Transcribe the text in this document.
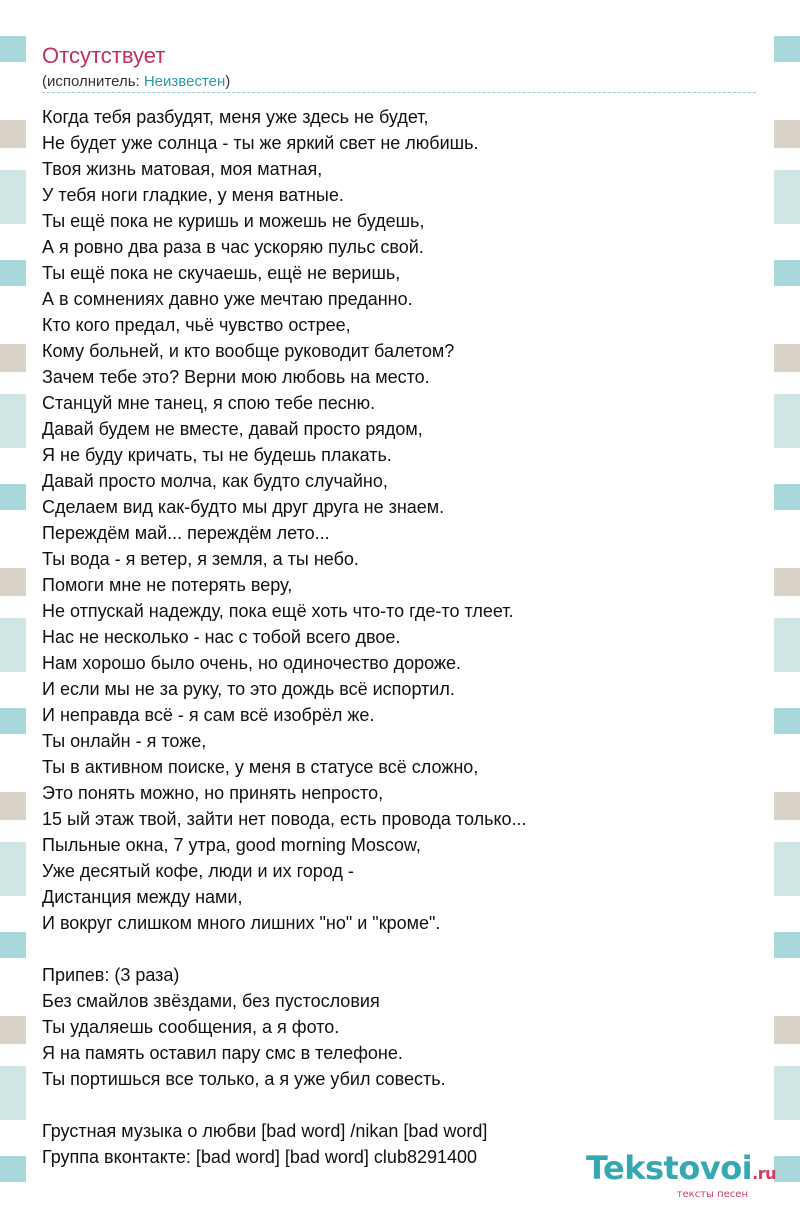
Отсутствует
(исполнитель: Неизвестен)
Когда тебя разбудят, меня уже здесь не будет,
Не будет уже солнца - ты же яркий свет не любишь.
Твоя жизнь матовая, моя матная,
У тебя ноги гладкие, у меня ватные.
Ты ещё пока не куришь и можешь не будешь,
А я ровно два раза в час ускоряю пульс свой.
Ты ещё пока не скучаешь, ещё не веришь,
А в сомнениях давно уже мечтаю преданно.
Кто кого предал, чьё чувство острее,
Кому больней, и кто вообще руководит балетом?
Зачем тебе это? Верни мою любовь на место.
Станцуй мне танец, я спою тебе песню.
Давай будем не вместе, давай просто рядом,
Я не буду кричать, ты не будешь плакать.
Давай просто молча, как будто случайно,
Сделаем вид как-будто мы друг друга не знаем.
Переждём май... переждём лето...
Ты вода - я ветер, я земля, а ты небо.
Помоги мне не потерять веру,
Не отпускай надежду, пока ещё хоть что-то где-то тлеет.
Нас не несколько - нас с тобой всего двое.
Нам хорошо было очень, но одиночество дороже.
И если мы не за руку, то это дождь всё испортил.
И неправда всё - я сам всё изобрёл же.
Ты онлайн - я тоже,
Ты в активном поиске, у меня в статусе всё сложно,
Это понять можно, но принять непросто,
15 ый этаж твой, зайти нет повода, есть провода только...
Пыльные окна, 7 утра, good morning Moscow,
Уже десятый кофе, люди и их город -
Дистанция между нами,
И вокруг слишком много лишних "но" и "кроме".

Припев: (3 раза)
Без смайлов звёздами, без пустословия
Ты удаляешь сообщения, а я фото.
Я на память оставил пару смс в телефоне.
Ты портишься все только, а я уже убил совесть.

Грустная музыка о любви [bad word] /nikan [bad word]
Группа вконтакте: [bad word] [bad word] club8291400	Tekstovoi.ru
тексты песен
